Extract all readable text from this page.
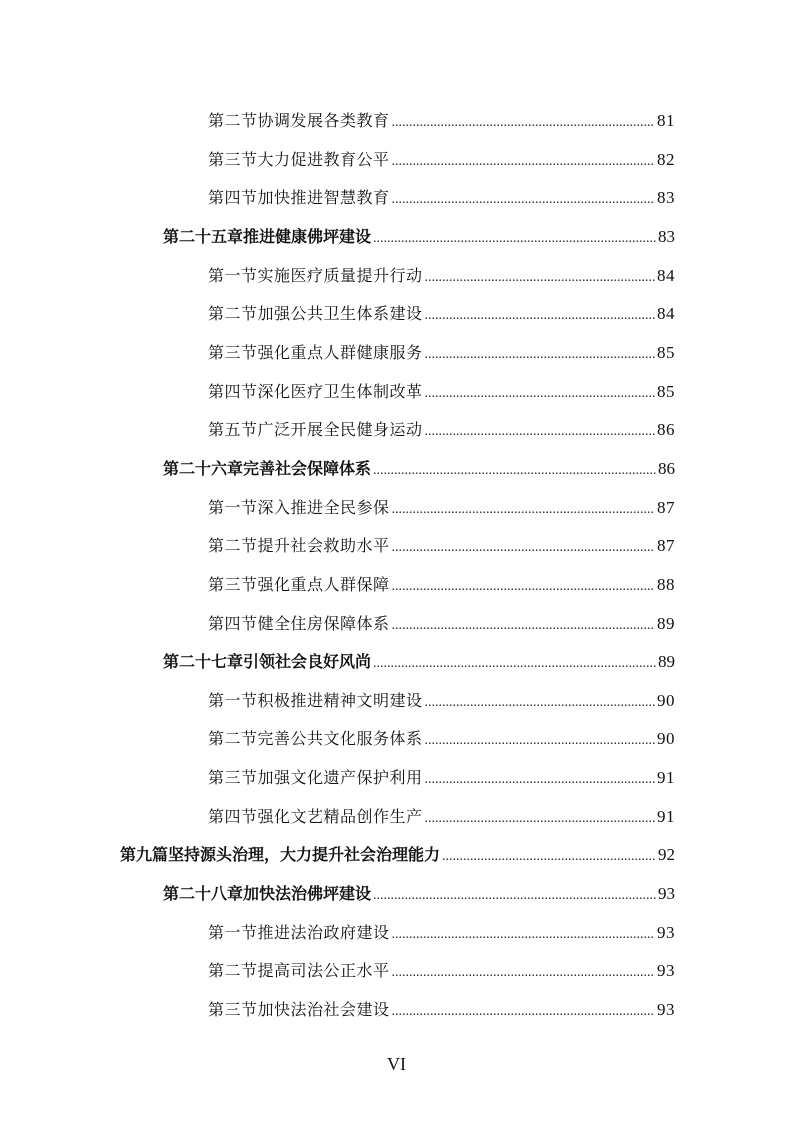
第二节 协调发展各类教育 .....	81
第三节 大力促进教育公平 .....	82
第四节 加快推进智慧教育 .....	83
第二十五章 推进健康佛坪建设 .....	83
第一节 实施医疗质量提升行动 .....	84
第二节 加强公共卫生体系建设 .....	84
第三节 强化重点人群健康服务 .....	85
第四节 深化医疗卫生体制改革 .....	85
第五节 广泛开展全民健身运动 .....	86
第二十六章 完善社会保障体系 .....	86
第一节 深入推进全民参保 .....	87
第二节 提升社会救助水平 .....	87
第三节 强化重点人群保障 .....	88
第四节 健全住房保障体系 .....	89
第二十七章 引领社会良好风尚 .....	89
第一节 积极推进精神文明建设 .....	90
第二节 完善公共文化服务体系 .....	90
第三节 加强文化遗产保护利用 .....	91
第四节 强化文艺精品创作生产 .....	91
第九篇 坚持源头治理，大力提升社会治理能力 .....	92
第二十八章 加快法治佛坪建设 .....	93
第一节 推进法治政府建设 .....	93
第二节 提高司法公正水平 .....	93
第三节 加快法治社会建设 .....	93
VI
